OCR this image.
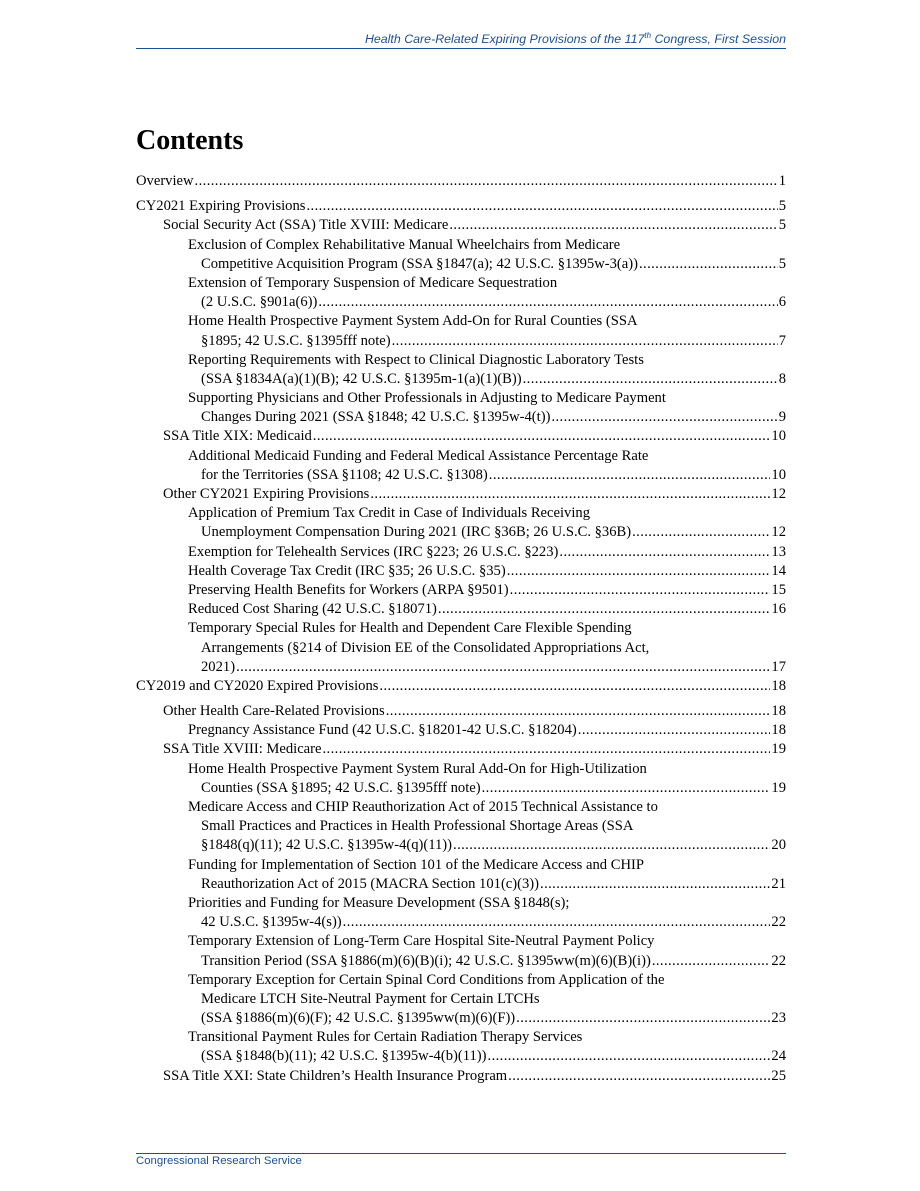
Health Care-Related Expiring Provisions of the 117th Congress, First Session
Contents
Overview .....	1
CY2021 Expiring Provisions .....	5
Social Security Act (SSA) Title XVIII: Medicare .....	5
Exclusion of Complex Rehabilitative Manual Wheelchairs from Medicare
Competitive Acquisition Program (SSA §1847(a); 42 U.S.C. §1395w-3(a)) .....	5
Extension of Temporary Suspension of Medicare Sequestration
(2 U.S.C. §901a(6)) .....	6
Home Health Prospective Payment System Add-On for Rural Counties (SSA
§1895; 42 U.S.C. §1395fff note) .....	7
Reporting Requirements with Respect to Clinical Diagnostic Laboratory Tests
(SSA §1834A(a)(1)(B); 42 U.S.C. §1395m-1(a)(1)(B)) .....	8
Supporting Physicians and Other Professionals in Adjusting to Medicare Payment
Changes During 2021 (SSA §1848; 42 U.S.C. §1395w-4(t)) .....	9
SSA Title XIX: Medicaid .....	10
Additional Medicaid Funding and Federal Medical Assistance Percentage Rate
for the Territories (SSA §1108; 42 U.S.C. §1308) .....	10
Other CY2021 Expiring Provisions .....	12
Application of Premium Tax Credit in Case of Individuals Receiving
Unemployment Compensation During 2021 (IRC §36B; 26 U.S.C. §36B) .....	12
Exemption for Telehealth Services (IRC §223; 26 U.S.C. §223) .....	13
Health Coverage Tax Credit (IRC §35; 26 U.S.C. §35) .....	14
Preserving Health Benefits for Workers (ARPA §9501) .....	15
Reduced Cost Sharing (42 U.S.C. §18071) .....	16
Temporary Special Rules for Health and Dependent Care Flexible Spending
Arrangements (§214 of Division EE of the Consolidated Appropriations Act,
2021) .....	17
CY2019 and CY2020 Expired Provisions .....	18
Other Health Care-Related Provisions .....	18
Pregnancy Assistance Fund (42 U.S.C. §18201-42 U.S.C. §18204) .....	18
SSA Title XVIII: Medicare .....	19
Home Health Prospective Payment System Rural Add-On for High-Utilization
Counties (SSA §1895; 42 U.S.C. §1395fff note) .....	19
Medicare Access and CHIP Reauthorization Act of 2015 Technical Assistance to
Small Practices and Practices in Health Professional Shortage Areas (SSA
§1848(q)(11); 42 U.S.C. §1395w-4(q)(11)) .....	20
Funding for Implementation of Section 101 of the Medicare Access and CHIP
Reauthorization Act of 2015 (MACRA Section 101(c)(3)) .....	21
Priorities and Funding for Measure Development (SSA §1848(s);
42 U.S.C. §1395w-4(s)) .....	22
Temporary Extension of Long-Term Care Hospital Site-Neutral Payment Policy
Transition Period (SSA §1886(m)(6)(B)(i); 42 U.S.C. §1395ww(m)(6)(B)(i)) .....	22
Temporary Exception for Certain Spinal Cord Conditions from Application of the
Medicare LTCH Site-Neutral Payment for Certain LTCHs
(SSA §1886(m)(6)(F); 42 U.S.C. §1395ww(m)(6)(F)) .....	23
Transitional Payment Rules for Certain Radiation Therapy Services
(SSA §1848(b)(11); 42 U.S.C. §1395w-4(b)(11)) .....	24
SSA Title XXI: State Children’s Health Insurance Program .....	25
Congressional Research Service
